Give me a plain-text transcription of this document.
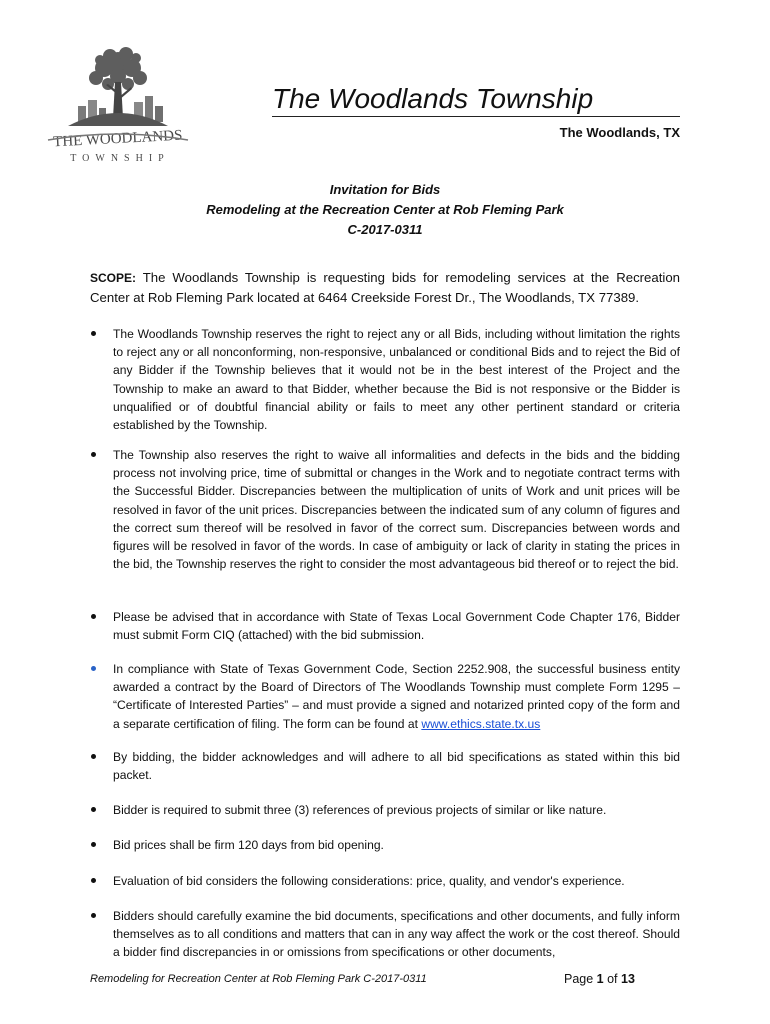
THE WOODLANDS
TOWNSHIP
The Woodlands Township
The Woodlands, TX
Invitation for Bids
Remodeling at the Recreation Center at Rob Fleming Park
C-2017-0311
SCOPE: The Woodlands Township is requesting bids for remodeling services at the Recreation Center at Rob Fleming Park located at 6464 Creekside Forest Dr., The Woodlands, TX 77389.
The Woodlands Township reserves the right to reject any or all Bids, including without limitation the rights to reject any or all nonconforming, non-responsive, unbalanced or conditional Bids and to reject the Bid of any Bidder if the Township believes that it would not be in the best interest of the Project and the Township to make an award to that Bidder, whether because the Bid is not responsive or the Bidder is unqualified or of doubtful financial ability or fails to meet any other pertinent standard or criteria established by the Township.
The Township also reserves the right to waive all informalities and defects in the bids and the bidding process not involving price, time of submittal or changes in the Work and to negotiate contract terms with the Successful Bidder. Discrepancies between the multiplication of units of Work and unit prices will be resolved in favor of the unit prices. Discrepancies between the indicated sum of any column of figures and the correct sum thereof will be resolved in favor of the correct sum. Discrepancies between words and figures will be resolved in favor of the words. In case of ambiguity or lack of clarity in stating the prices in the bid, the Township reserves the right to consider the most advantageous bid thereof or to reject the bid.
Please be advised that in accordance with State of Texas Local Government Code Chapter 176, Bidder must submit Form CIQ (attached) with the bid submission.
In compliance with State of Texas Government Code, Section 2252.908, the successful business entity awarded a contract by the Board of Directors of The Woodlands Township must complete Form 1295 – “Certificate of Interested Parties” – and must provide a signed and notarized printed copy of the form and a separate certification of filing. The form can be found at www.ethics.state.tx.us
By bidding, the bidder acknowledges and will adhere to all bid specifications as stated within this bid packet.
Bidder is required to submit three (3) references of previous projects of similar or like nature.
Bid prices shall be firm 120 days from bid opening.
Evaluation of bid considers the following considerations: price, quality, and vendor's experience.
Bidders should carefully examine the bid documents, specifications and other documents, and fully inform themselves as to all conditions and matters that can in any way affect the work or the cost thereof. Should a bidder find discrepancies in or omissions from specifications or other documents,
Remodeling for Recreation Center at Rob Fleming Park C-2017-0311	Page 1 of 13
